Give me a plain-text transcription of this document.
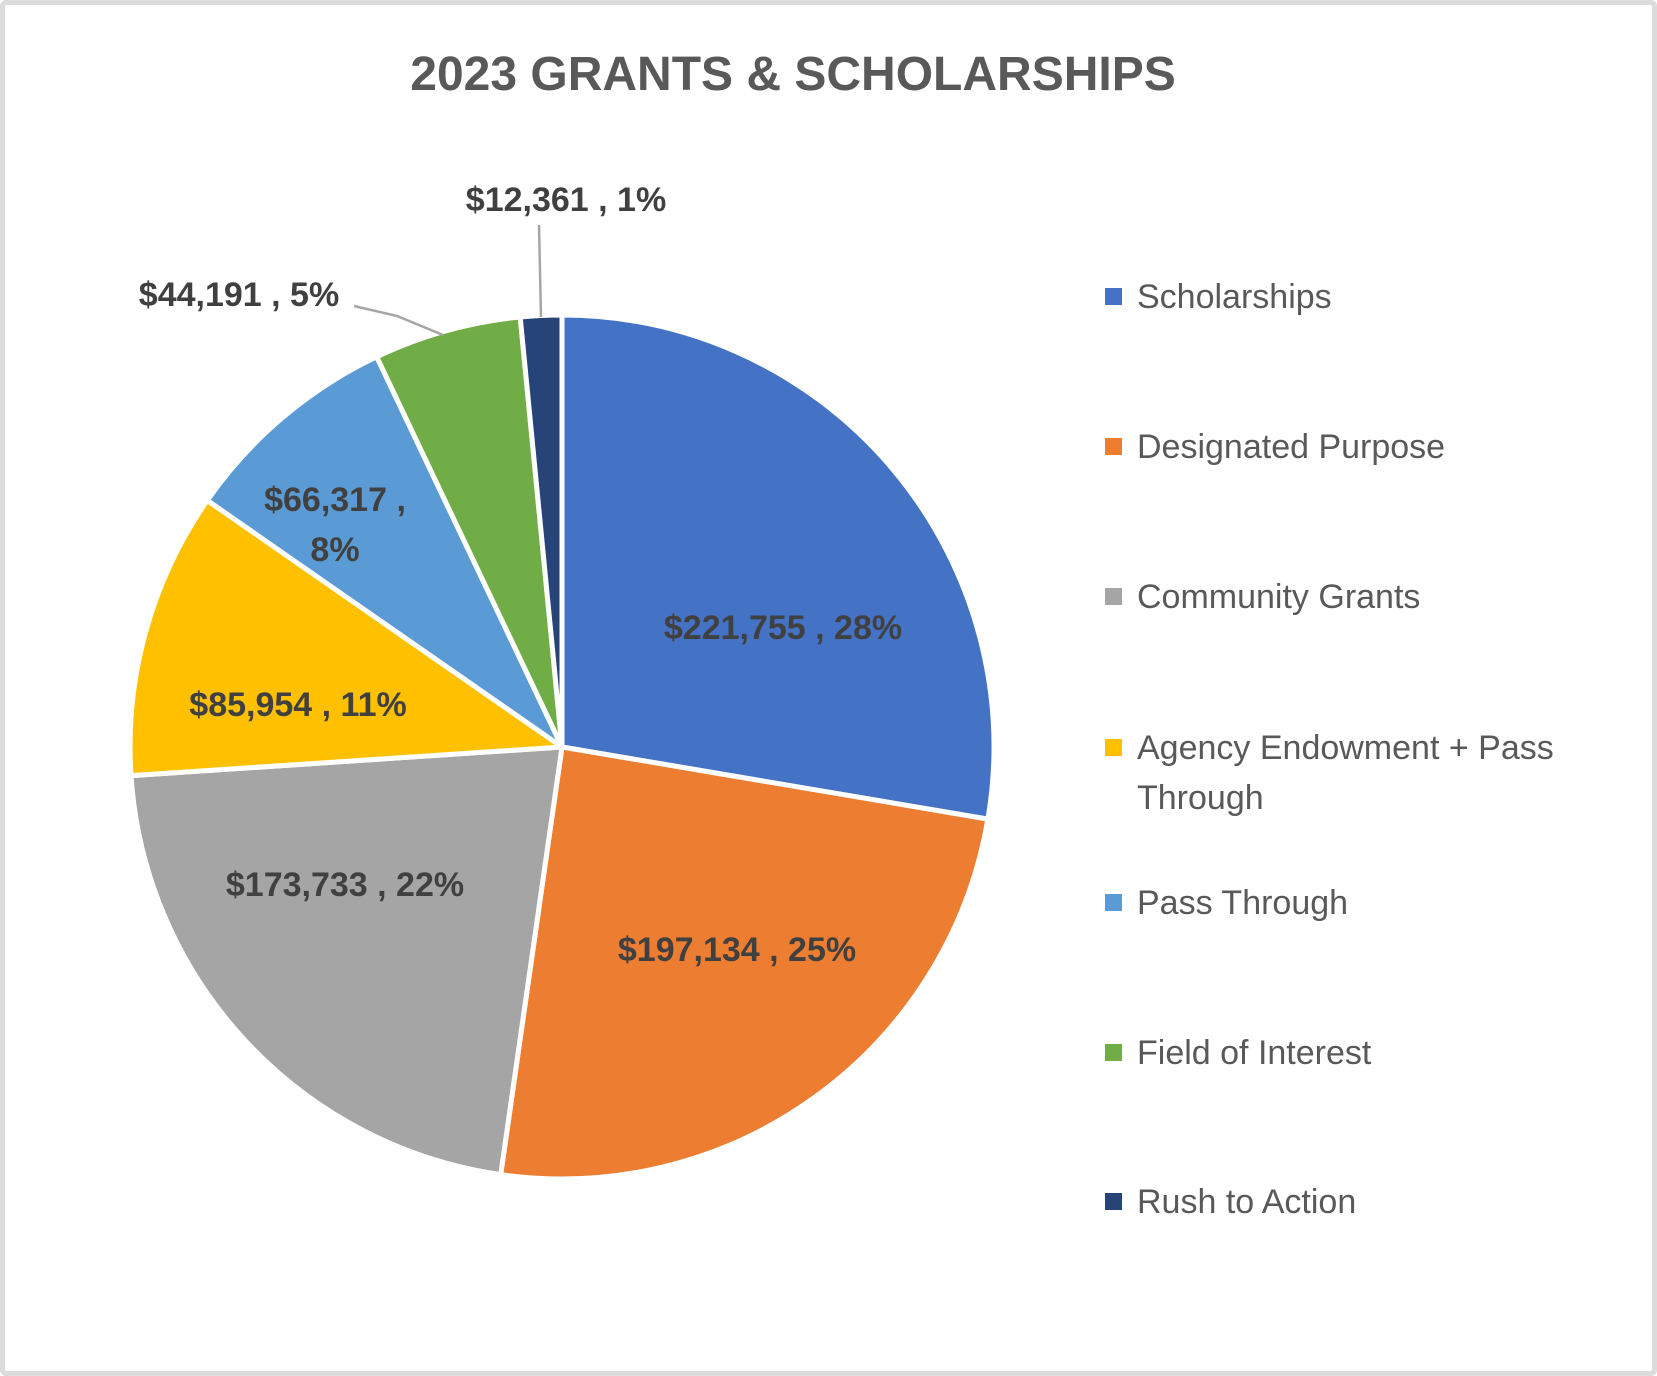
2023 GRANTS & SCHOLARSHIPS
$221,755 , 28%
$197,134 , 25%
$173,733 , 22%
$85,954 , 11%
$66,317 ,
8%
$44,191 , 5%
$12,361 , 1%
Scholarships
Designated Purpose
Community Grants
Agency Endowment + Pass Through
Pass Through
Field of Interest
Rush to Action
